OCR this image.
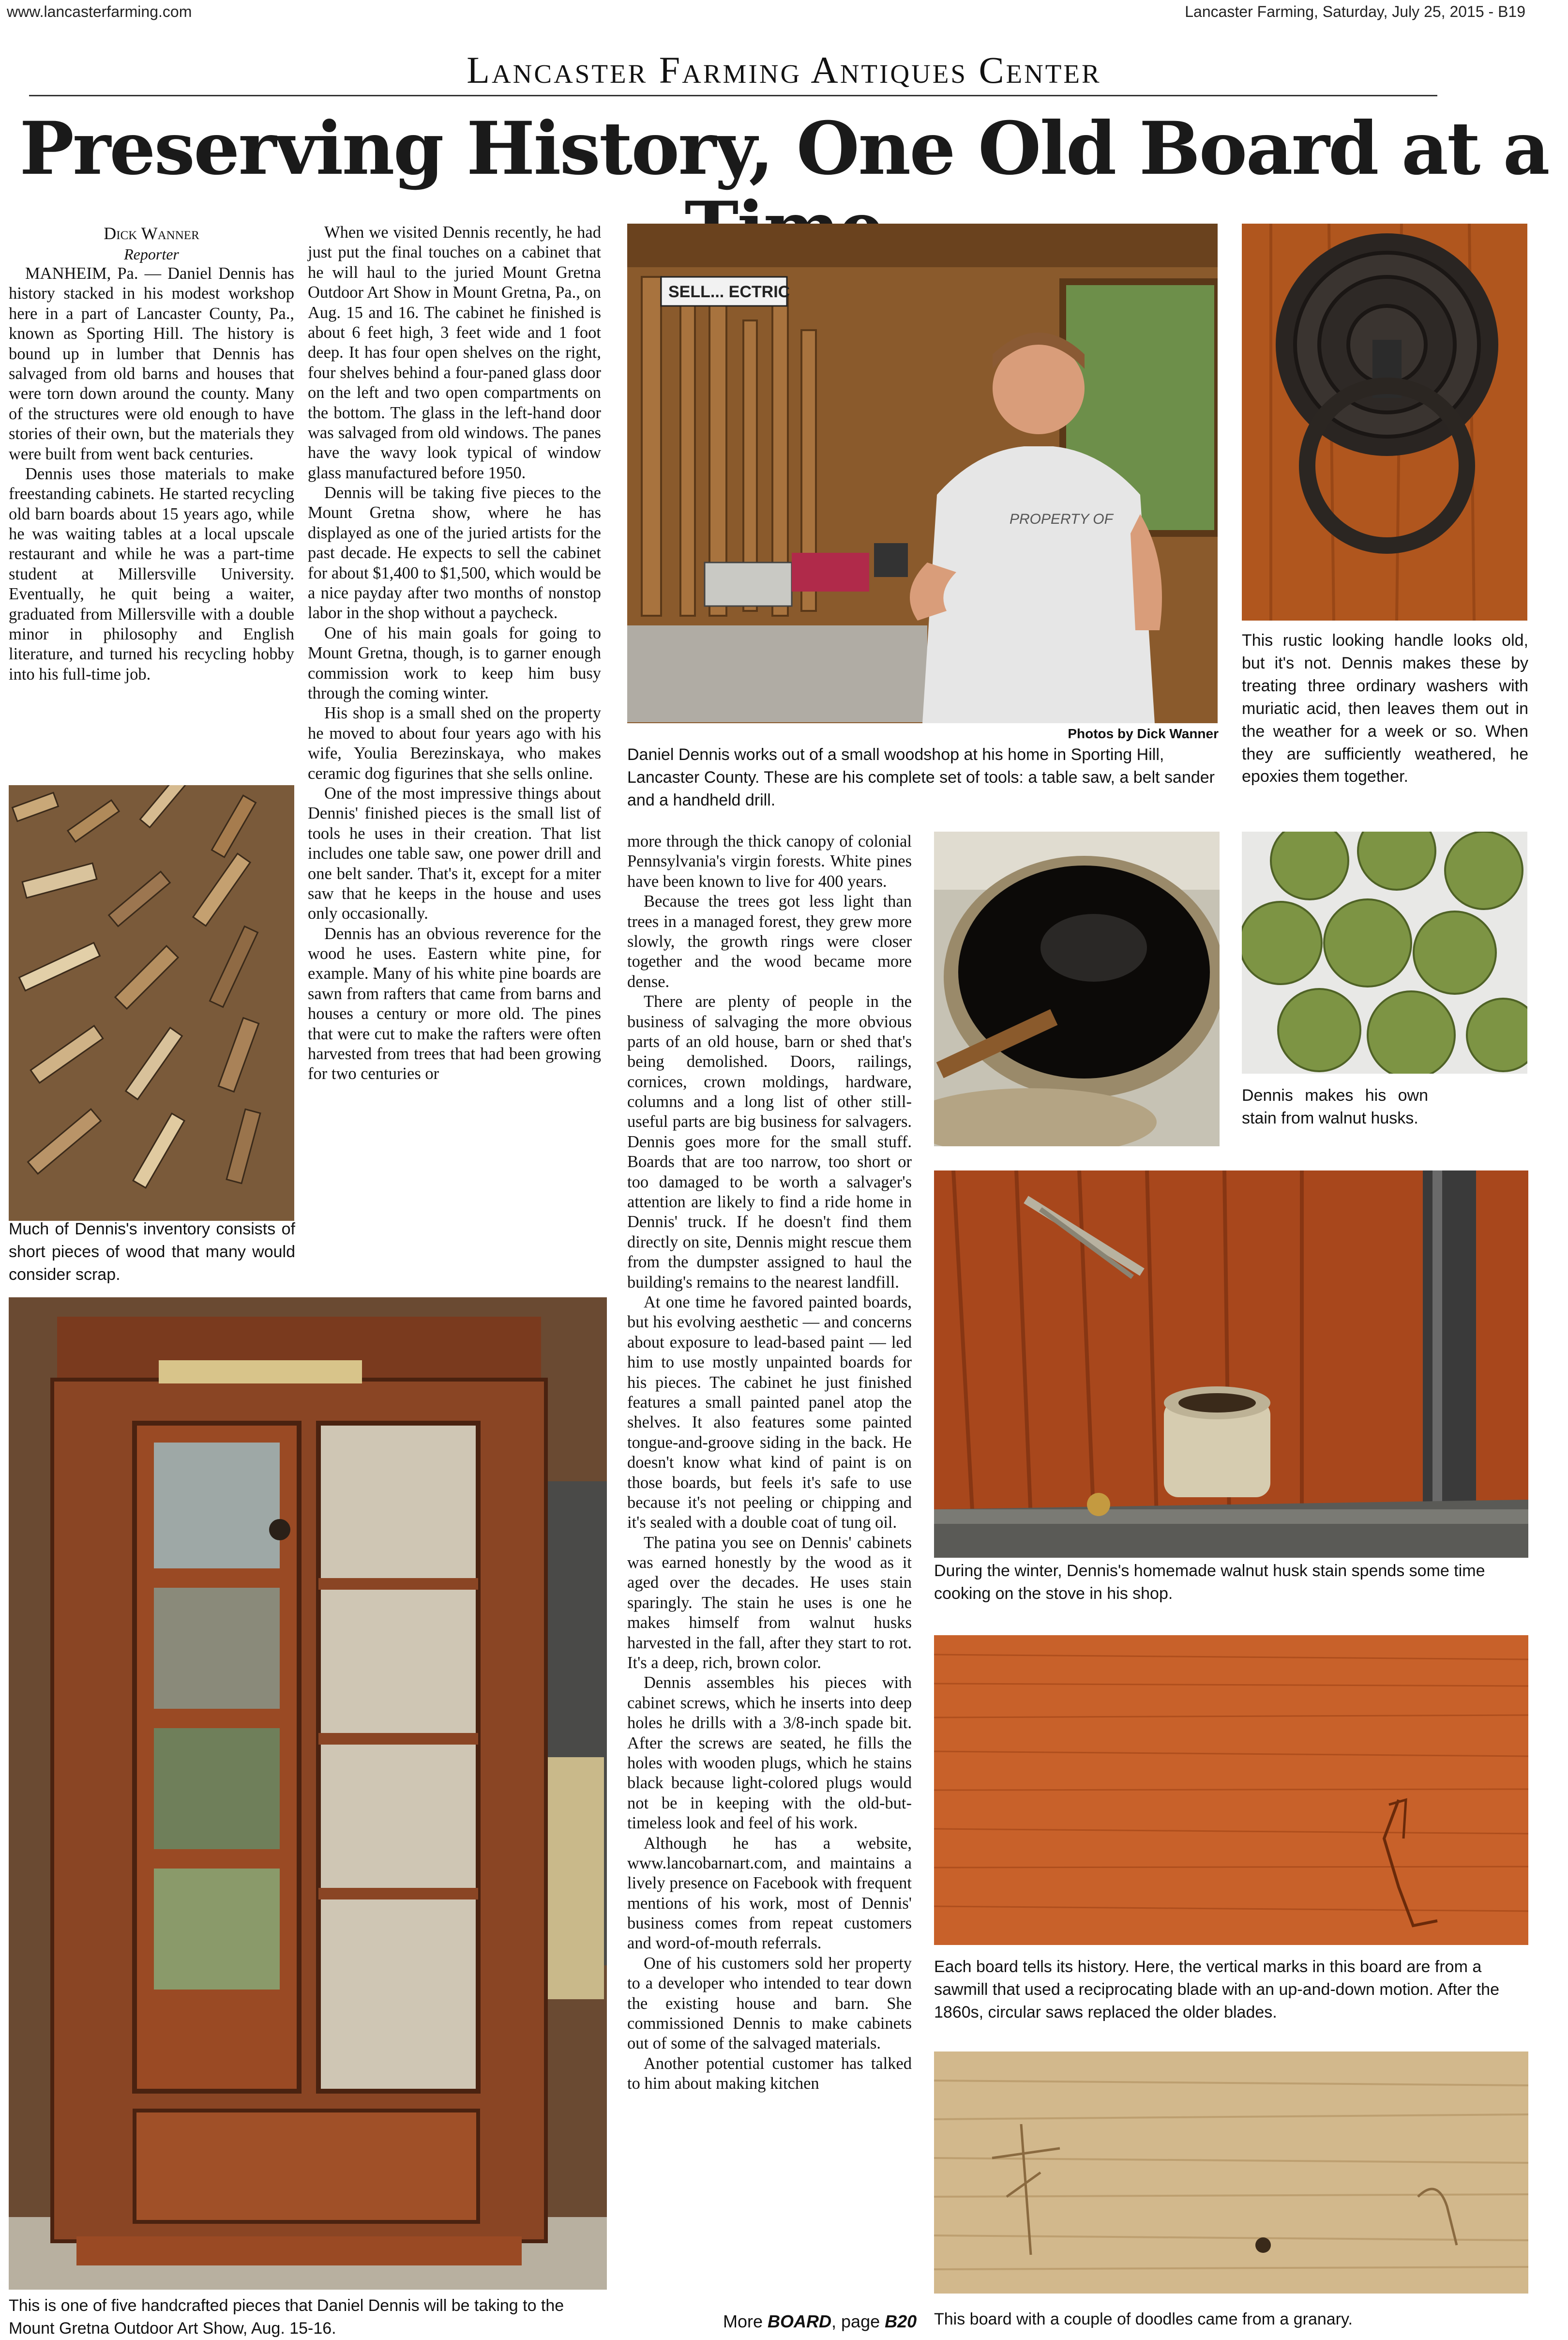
www.lancasterfarming.com	Lancaster Farming, Saturday, July 25, 2015 - B19
Lancaster Farming Antiques Center
Preserving History, One Old Board at a
Dick Wanner
Reporter

MANHEIM, Pa. — Daniel Dennis has history stacked in his modest workshop here in a part of Lancaster County, Pa., known as Sporting Hill. The history is bound up in lumber that Dennis has salvaged from old barns and houses that were torn down around the county. Many of the structures were old enough to have stories of their own, but the materials they were built from went back centuries.

Dennis uses those materials to make freestanding cabinets. He started recycling old barn boards about 15 years ago, while he was waiting tables at a local upscale restaurant and while he was a part-time student at Millersville University. Eventually, he quit being a waiter, graduated from Millersville with a double minor in philosophy and English literature, and turned his recycling hobby into his full-time job.

Much of Dennis's inventory consists of short pieces of wood that many would consider scrap.

When we visited Dennis recently, he had just put the final touches on a cabinet that he will haul to the juried Mount Gretna Outdoor Art Show in Mount Gretna, Pa., on Aug. 15 and 16. The cabinet he finished is about 6 feet high, 3 feet wide and 1 foot deep. It has four open shelves on the right, four shelves behind a four-paned glass door on the left and two open compartments on the bottom. The glass in the left-hand door was salvaged from old windows. The panes have the wavy look typical of window glass manufactured before 1950.

Dennis will be taking five pieces to the Mount Gretna show, where he has displayed as one of the juried artists for the past decade. He expects to sell the cabinet for about $1,400 to $1,500, which would be a nice payday after two months of nonstop labor in the shop without a paycheck.

One of his main goals for going to Mount Gretna, though, is to garner enough commission work to keep him busy through the coming winter.

His shop is a small shed on the property he moved to about four years ago with his wife, Youlia Berezinskaya, who makes ceramic dog figurines that she sells online.

One of the most impressive things about Dennis' finished pieces is the small list of tools he uses in their creation. That list includes one table saw, one power drill and one belt sander. That's it, except for a miter saw that he keeps in the house and uses only occasionally.

Dennis has an obvious reverence for the wood he uses. Eastern white pine, for example. Many of his white pine boards are sawn from rafters that came from barns and houses a century or more old. The pines that were cut to make the rafters were often harvested from trees that had been growing for two centuries or

SELL... ECTRIC
PROPERTY OF
Photos by Dick Wanner
Daniel Dennis works out of a small woodshop at his home in Sporting Hill, Lancaster County. These are his complete set of tools: a table saw, a belt sander and a handheld drill.
This rustic looking handle looks old, but it's not. Dennis makes these by treating three ordinary washers with muriatic acid, then leaves them out in the weather for a week or so. When they are sufficiently weathered, he epoxies them together.

more through the thick canopy of colonial Pennsylvania's virgin forests. White pines have been known to live for 400 years.

Because the trees got less light than trees in a managed forest, they grew more slowly, the growth rings were closer together and the wood became more dense.

There are plenty of people in the business of salvaging the more obvious parts of an old house, barn or shed that's being demolished. Doors, railings, cornices, crown moldings, hardware, columns and a long list of other still-useful parts are big business for salvagers. Dennis goes more for the small stuff. Boards that are too narrow, too short or too damaged to be worth a salvager's attention are likely to find a ride home in Dennis' truck. If he doesn't find them directly on site, Dennis might rescue them from the dumpster assigned to haul the building's remains to the nearest landfill.

At one time he favored painted boards, but his evolving aesthetic — and concerns about exposure to lead-based paint — led him to use mostly unpainted boards for his pieces. The cabinet he just finished features a small painted panel atop the shelves. It also features some painted tongue-and-groove siding in the back. He doesn't know what kind of paint is on those boards, but feels it's safe to use because it's not peeling or chipping and it's sealed with a double coat of tung oil.

The patina you see on Dennis' cabinets was earned honestly by the wood as it aged over the decades. He uses stain sparingly. The stain he uses is one he makes himself from walnut husks harvested in the fall, after they start to rot. It's a deep, rich, brown color.

Dennis assembles his pieces with cabinet screws, which he inserts into deep holes he drills with a 3/8-inch spade bit. After the screws are seated, he fills the holes with wooden plugs, which he stains black because light-colored plugs would not be in keeping with the old-but-timeless look and feel of his work.

Although he has a website, www.lancobarnart.com, and maintains a lively presence on Facebook with frequent mentions of his work, most of Dennis' business comes from repeat customers and word-of-mouth referrals.

One of his customers sold her property to a developer who intended to tear down the existing house and barn. She commissioned Dennis to make cabinets out of some of the salvaged materials.

Another potential customer has talked to him about making kitchen

Dennis makes his own stain from walnut husks.
During the winter, Dennis's homemade walnut husk stain spends some time cooking on the stove in his shop.
Each board tells its history. Here, the vertical marks in this board are from a sawmill that used a reciprocating blade with an up-and-down motion. After the 1860s, circular saws replaced the older blades.
This board with a couple of doodles came from a granary.
This is one of five handcrafted pieces that Daniel Dennis will be taking to the Mount Gretna Outdoor Art Show, Aug. 15-16.	More BOARD, page B20
